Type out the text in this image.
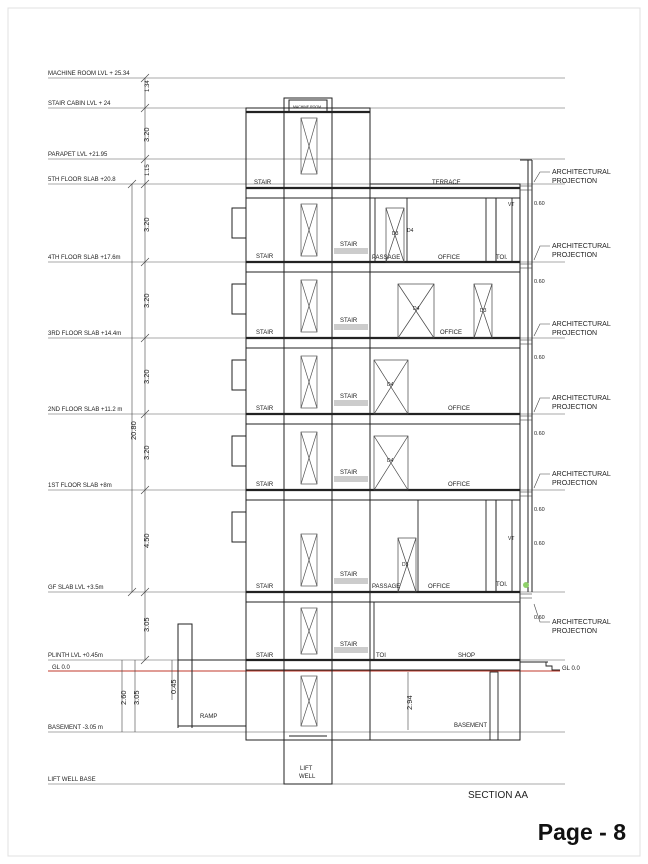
MACHINE ROOM LVL + 25.34
STAIR CABIN LVL + 24
PARAPET LVL +21.95
5TH FLOOR SLAB +20.8
4TH FLOOR SLAB +17.6m
3RD FLOOR SLAB +14.4m
2ND FLOOR SLAB +11.2 m
1ST FLOOR SLAB +8m
GF SLAB LVL +3.5m
PLINTH LVL +0.45m
GL 0.0
BASEMENT -3.05 m
LIFT WELL BASE
1.34
3.20
1.15
3.20
3.20
3.20
3.20
4.50
3.05
20.80
2.60 3.05
0.45
2.94
MACHINE ROOM
STAIR
STAIR
STAIR
STAIR
STAIR
STAIR
STAIR
STAIR
STAIR
STAIR
STAIR
STAIR
STAIR
TERRACE
PASSAGE	OFFICE	TOI.
OFFICE
OFFICE
OFFICE
PASSAGE	OFFICE	TOI.
TOI	SHOP
RAMP
BASEMENT
LIFT
WELL
GL 0.0
VT
VT
D3 D4
D4	D3
D4
D4
D3
0.60
0.60
0.60
0.60
0.60
0.60
0.60
ARCHITECTURAL
PROJECTION
ARCHITECTURAL
PROJECTION
ARCHITECTURAL
PROJECTION
ARCHITECTURAL
PROJECTION
ARCHITECTURAL
PROJECTION
ARCHITECTURAL
PROJECTION
SECTION AA
Page - 8
